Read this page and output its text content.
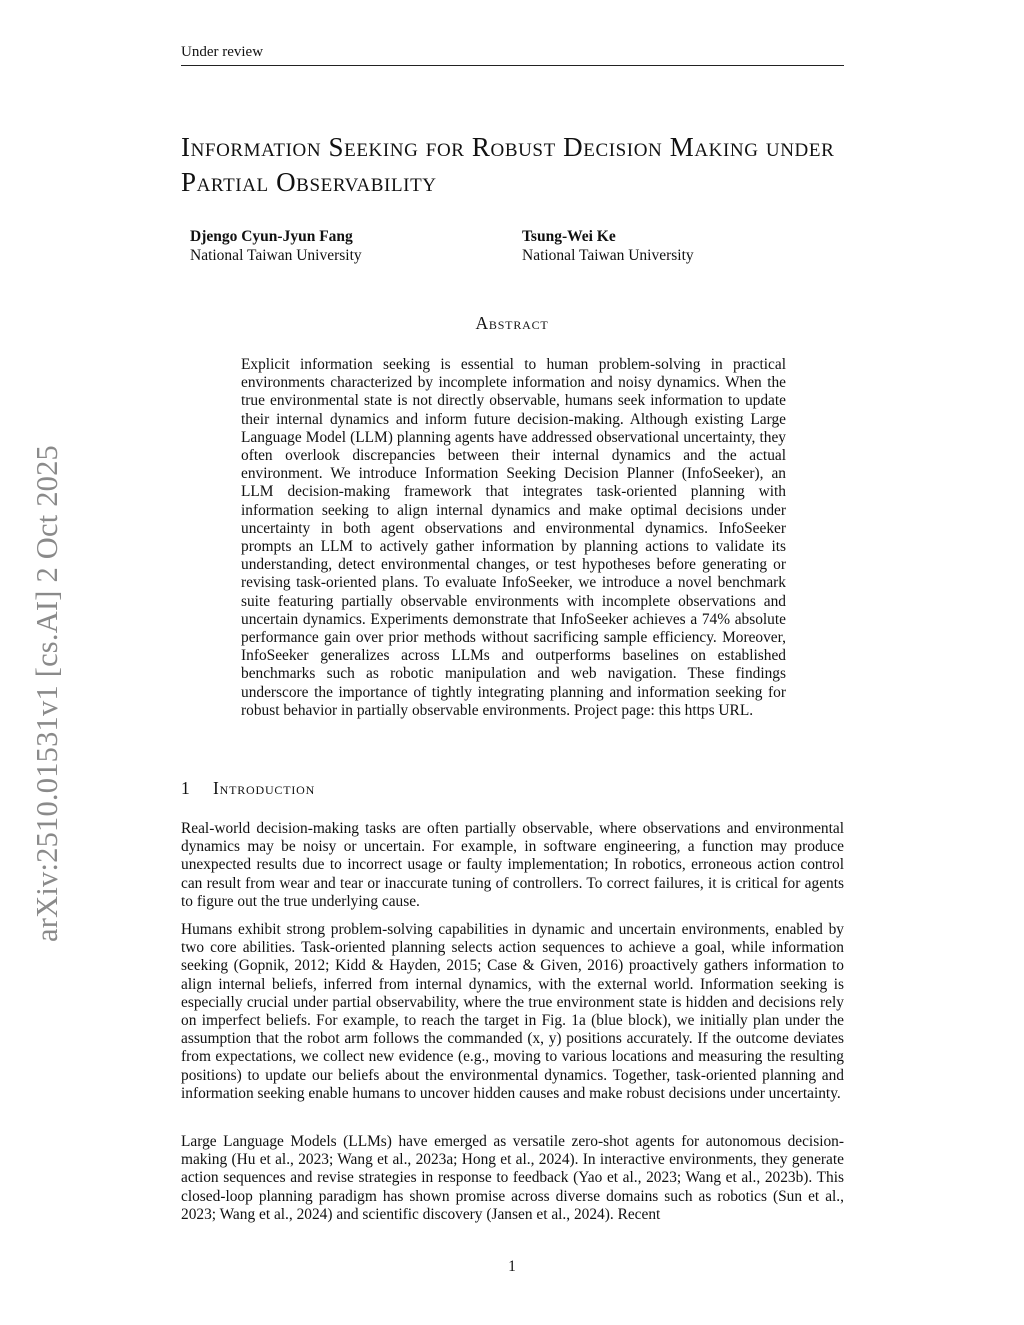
Under review
Information Seeking for Robust Decision Making under Partial Observability
Djengo Cyun-Jyun Fang
National Taiwan University
Tsung-Wei Ke
National Taiwan University
Abstract

Explicit information seeking is essential to human problem-solving in practical environments characterized by incomplete information and noisy dynamics. When the true environmental state is not directly observable, humans seek information to update their internal dynamics and inform future decision-making. Although existing Large Language Model (LLM) planning agents have addressed observational uncertainty, they often overlook discrepancies between their internal dynamics and the actual environment. We introduce Information Seeking Decision Planner (InfoSeeker), an LLM decision-making framework that integrates task-oriented planning with information seeking to align internal dynamics and make optimal decisions under uncertainty in both agent observations and environmental dynamics. InfoSeeker prompts an LLM to actively gather information by planning actions to validate its understanding, detect environmental changes, or test hypotheses before generating or revising task-oriented plans. To evaluate InfoSeeker, we introduce a novel benchmark suite featuring partially observable environments with incomplete observations and uncertain dynamics. Experiments demonstrate that InfoSeeker achieves a 74% absolute performance gain over prior methods without sacrificing sample efficiency. Moreover, InfoSeeker generalizes across LLMs and outperforms baselines on established benchmarks such as robotic manipulation and web navigation. These findings underscore the importance of tightly integrating planning and information seeking for robust behavior in partially observable environments. Project page: this https URL.

arXiv:2510.01531v1 [cs.AI] 2 Oct 2025	1 Introduction

Real-world decision-making tasks are often partially observable, where observations and environmental dynamics may be noisy or uncertain. For example, in software engineering, a function may produce unexpected results due to incorrect usage or faulty implementation; In robotics, erroneous action control can result from wear and tear or inaccurate tuning of controllers. To correct failures, it is critical for agents to figure out the true underlying cause.

Humans exhibit strong problem-solving capabilities in dynamic and uncertain environments, enabled by two core abilities. Task-oriented planning selects action sequences to achieve a goal, while information seeking (Gopnik, 2012; Kidd & Hayden, 2015; Case & Given, 2016) proactively gathers information to align internal beliefs, inferred from internal dynamics, with the external world. Information seeking is especially crucial under partial observability, where the true environment state is hidden and decisions rely on imperfect beliefs. For example, to reach the target in Fig. 1a (blue block), we initially plan under the assumption that the robot arm follows the commanded (x, y) positions accurately. If the outcome deviates from expectations, we collect new evidence (e.g., moving to various locations and measuring the resulting positions) to update our beliefs about the environmental dynamics. Together, task-oriented planning and information seeking enable humans to uncover hidden causes and make robust decisions under uncertainty.

Large Language Models (LLMs) have emerged as versatile zero-shot agents for autonomous decision-making (Hu et al., 2023; Wang et al., 2023a; Hong et al., 2024). In interactive environments, they generate action sequences and revise strategies in response to feedback (Yao et al., 2023; Wang et al., 2023b). This closed-loop planning paradigm has shown promise across diverse domains such as robotics (Sun et al., 2023; Wang et al., 2024) and scientific discovery (Jansen et al., 2024). Recent

1
